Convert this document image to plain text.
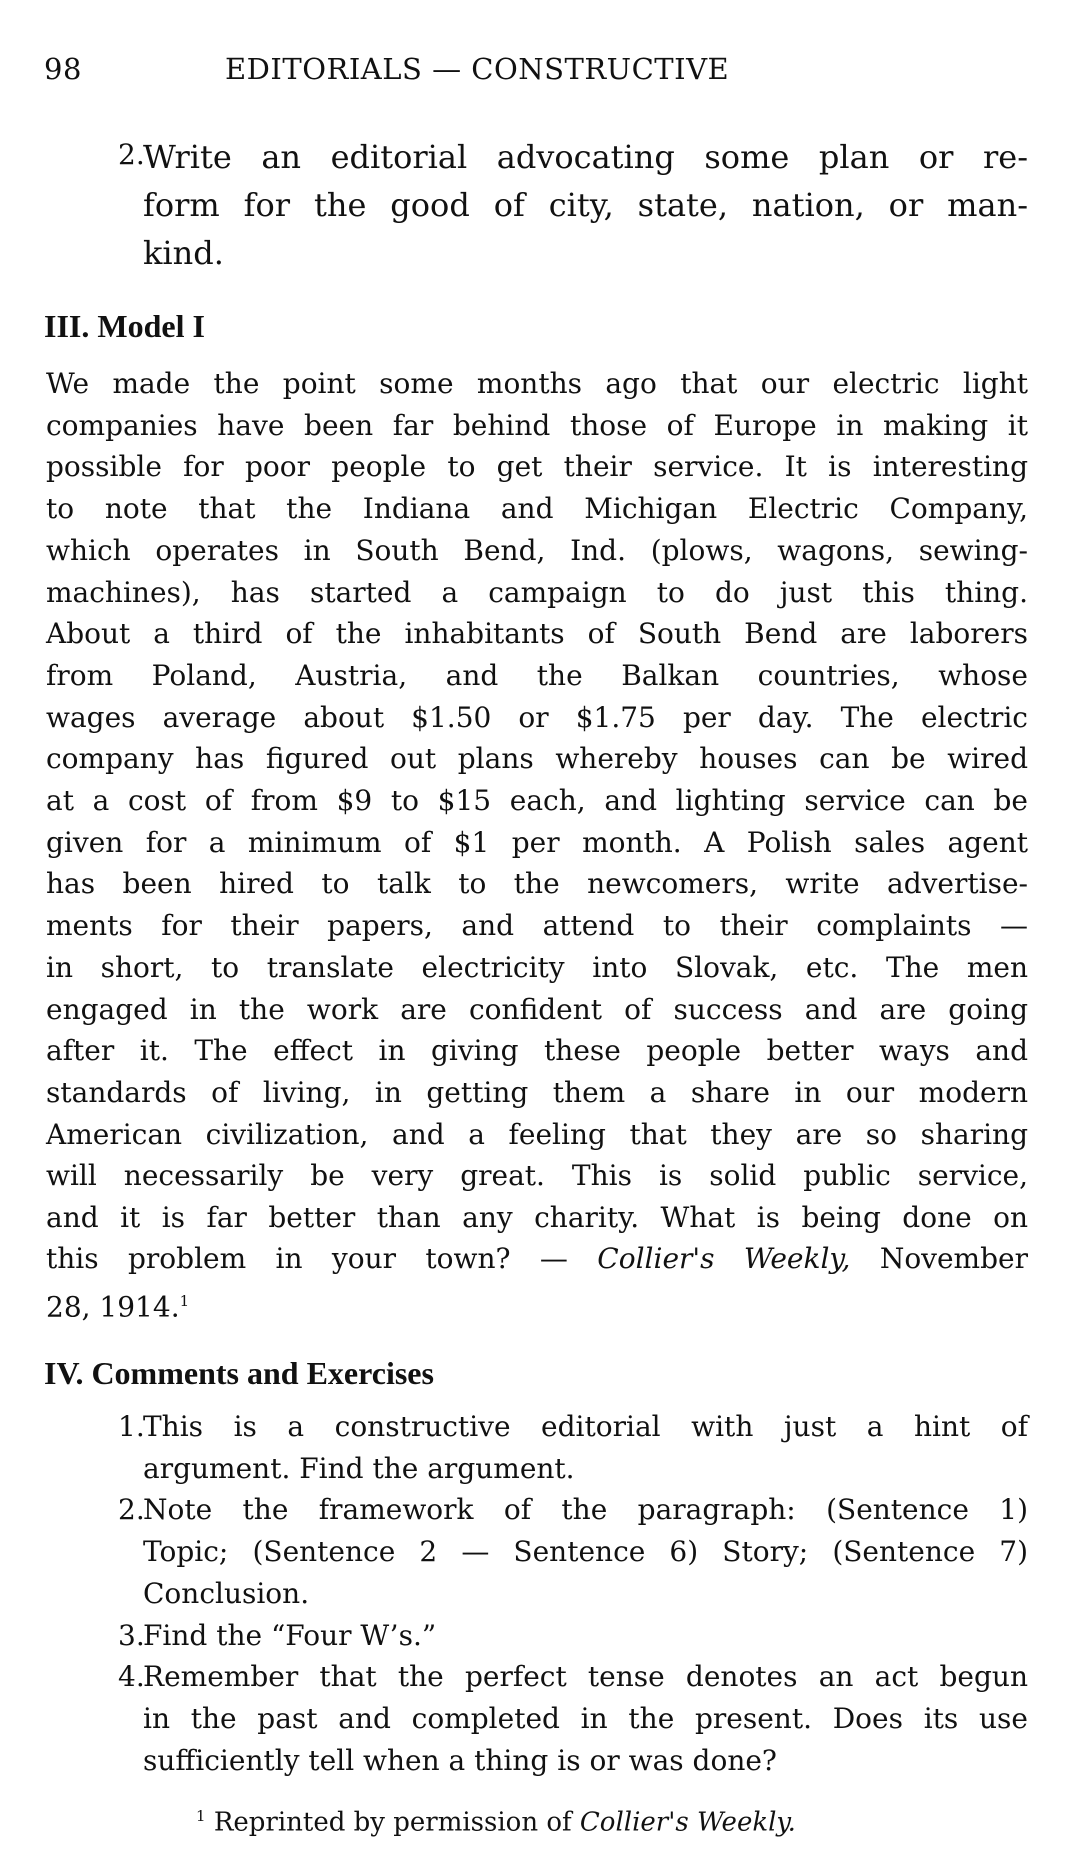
98	EDITORIALS — CONSTRUCTIVE
2.
Write an editorial advocating some plan or re-
form for the good of city, state, nation, or man-
kind.
III. Model I
We made the point some months ago that our electric light
companies have been far behind those of Europe in making it
possible for poor people to get their service. It is interesting
to note that the Indiana and Michigan Electric Company,
which operates in South Bend, Ind. (plows, wagons, sewing-
machines), has started a campaign to do just this thing.
About a third of the inhabitants of South Bend are laborers
from Poland, Austria, and the Balkan countries, whose
wages average about $1.50 or $1.75 per day. The electric
company has figured out plans whereby houses can be wired
at a cost of from $9 to $15 each, and lighting service can be
given for a minimum of $1 per month. A Polish sales agent
has been hired to talk to the newcomers, write advertise-
ments for their papers, and attend to their complaints —
in short, to translate electricity into Slovak, etc. The men
engaged in the work are confident of success and are going
after it. The effect in giving these people better ways and
standards of living, in getting them a share in our modern
American civilization, and a feeling that they are so sharing
will necessarily be very great. This is solid public service,
and it is far better than any charity. What is being done on
this problem in your town? — Collier's Weekly, November
28, 1914.$^1$
IV. Comments and Exercises
1.
This is a constructive editorial with just a hint of
argument. Find the argument.
2.
Note the framework of the paragraph: (Sentence 1)
Topic; (Sentence 2 — Sentence 6) Story; (Sentence 7)
Conclusion.
3.
Find the “Four W’s.”
4.
Remember that the perfect tense denotes an act begun
in the past and completed in the present. Does its use
sufficiently tell when a thing is or was done?
$^1$ Reprinted by permission of Collier's Weekly.
